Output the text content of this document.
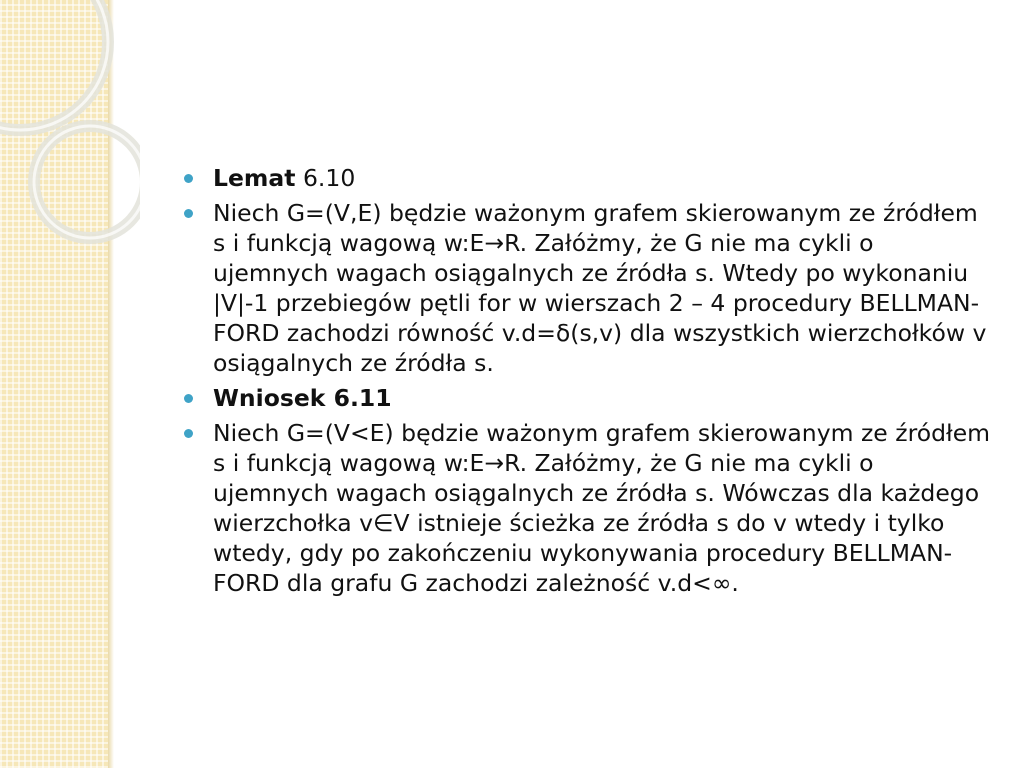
Lemat 6.10
Niech G=(V,E) będzie ważonym grafem skierowanym ze źródłem s i funkcją wagową w:E→R. Załóżmy, że G nie ma cykli o ujemnych wagach osiągalnych ze źródła s. Wtedy po wykonaniu |V|-1 przebiegów pętli for w wierszach 2 – 4 procedury BELLMAN-FORD zachodzi równość v.d=δ(s,v) dla wszystkich wierzchołków v osiągalnych ze źródła s.
Wniosek 6.11
Niech G=(V<E) będzie ważonym grafem skierowanym ze źródłem s i funkcją wagową w:E→R. Załóżmy, że G nie ma cykli o ujemnych wagach osiągalnych ze źródła s. Wówczas dla każdego wierzchołka v∈V istnieje ścieżka ze źródła s do v wtedy i tylko wtedy, gdy po zakończeniu wykonywania procedury BELLMAN-FORD dla grafu G zachodzi zależność v.d<∞.
